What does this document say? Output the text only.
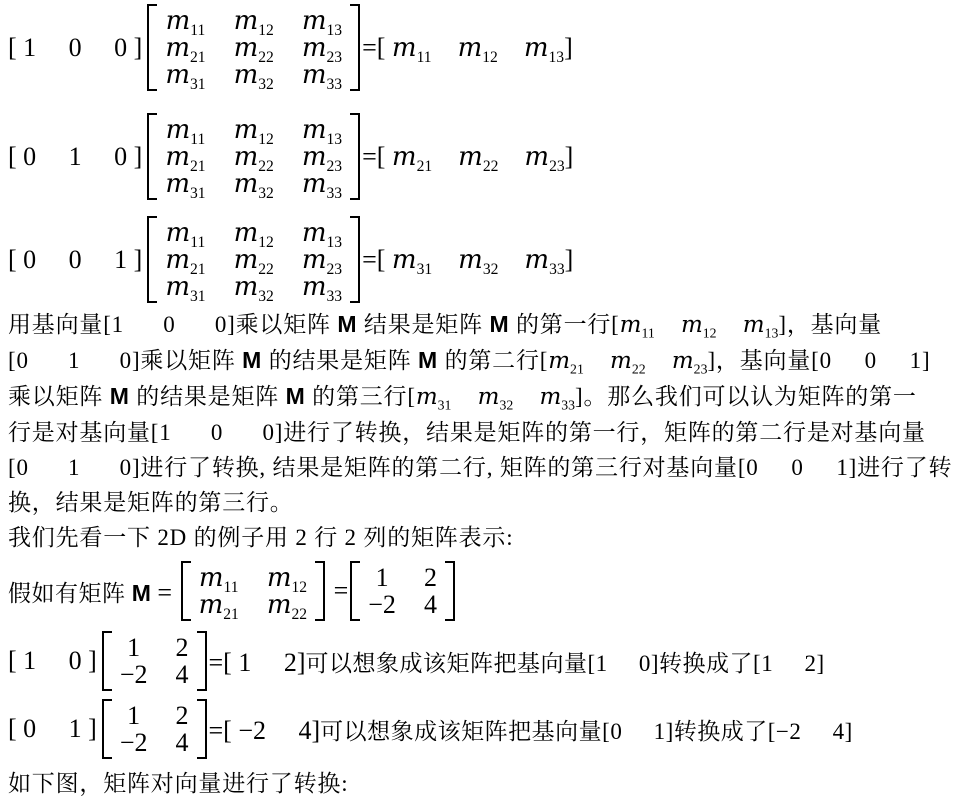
[ 1     0     0 ]
$m_{11}$ $m_{12}$ $m_{13}$
$m_{21}$ $m_{22}$ $m_{23}$
$m_{31}$ $m_{32}$ $m_{33}$
=[ $m_{11}$ $m_{12}$ $m_{13}$]
[ 0     1     0 ]
$m_{11}$ $m_{12}$ $m_{13}$
$m_{21}$ $m_{22}$ $m_{23}$
$m_{31}$ $m_{32}$ $m_{33}$
=[ $m_{21}$ $m_{22}$ $m_{23}$]
[ 0     0     1 ]
$m_{11}$ $m_{12}$ $m_{13}$
$m_{21}$ $m_{22}$ $m_{23}$
$m_{31}$ $m_{32}$ $m_{33}$
=[ $m_{31}$ $m_{32}$ $m_{33}$]
用基向量[1      0      0]乘以矩阵 M 结果是矩阵 M 的第一行[$m_{11}$ $m_{12}$ $m_{13}$]，基向量
[0      1      0]乘以矩阵 M 的结果是矩阵 M 的第二行[$m_{21}$ $m_{22}$ $m_{23}$]，基向量[0     0     1]
乘以矩阵 M 的结果是矩阵 M 的第三行[$m_{31}$ $m_{32}$ $m_{33}$]。那么我们可以认为矩阵的第一
行是对基向量[1      0      0]进行了转换，结果是矩阵的第一行，矩阵的第二行是对基向量
[0      1      0]进行了转换, 结果是矩阵的第二行, 矩阵的第三行对基向量[0     0     1]进行了转
换，结果是矩阵的第三行。
我们先看一下 2D 的例子用 2 行 2 列的矩阵表示:
假如有矩阵 $M = m_{11}$ $m_{12}$
$m_{21}$ $m_{22}$
= 1 2
−2 4
[ 1     0 ] 1 2
−2 4 =[ 1     2]可以想象成该矩阵把基向量[1     0]转换成了[1     2]
[ 0     1 ] 1 2
−2 4 =[ −2     4]可以想象成该矩阵把基向量[0     1]转换成了[−2     4]
如下图，矩阵对向量进行了转换:
